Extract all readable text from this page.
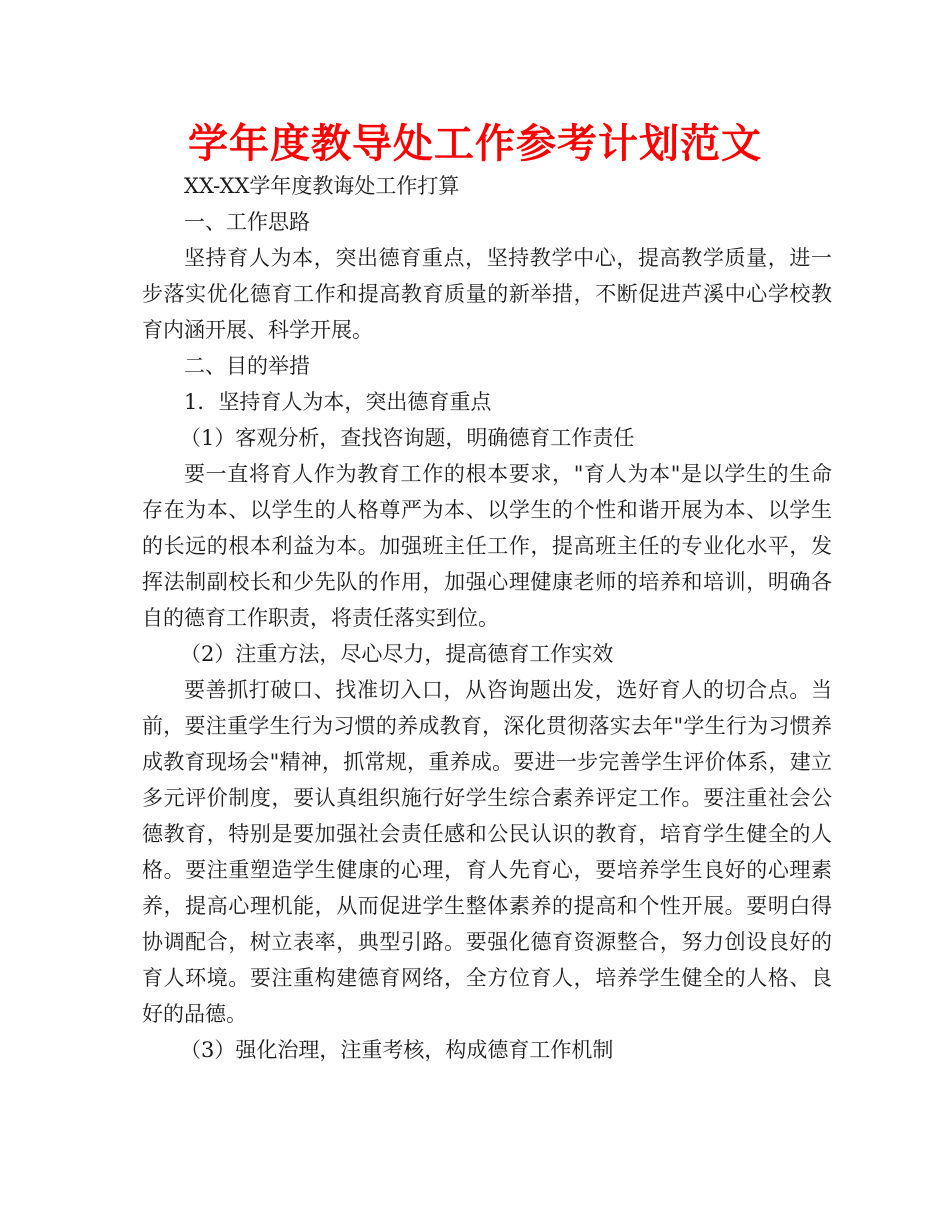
学年度教导处工作参考计划范文

XX-XX学年度教诲处工作打算

一、工作思路

坚持育人为本，突出德育重点，坚持教学中心，提高教学质量，进一步落实优化德育工作和提高教育质量的新举措，不断促进芦溪中心学校教育内涵开展、科学开展。

二、目的举措

1．坚持育人为本，突出德育重点

（1）客观分析，查找咨询题，明确德育工作责任

要一直将育人作为教育工作的根本要求，"育人为本"是以学生的生命存在为本、以学生的人格尊严为本、以学生的个性和谐开展为本、以学生的长远的根本利益为本。加强班主任工作，提高班主任的专业化水平，发挥法制副校长和少先队的作用，加强心理健康老师的培养和培训，明确各自的德育工作职责，将责任落实到位。

（2）注重方法，尽心尽力，提高德育工作实效

要善抓打破口、找准切入口，从咨询题出发，选好育人的切合点。当前，要注重学生行为习惯的养成教育，深化贯彻落实去年"学生行为习惯养成教育现场会"精神，抓常规，重养成。要进一步完善学生评价体系，建立多元评价制度，要认真组织施行好学生综合素养评定工作。要注重社会公德教育，特别是要加强社会责任感和公民认识的教育，培育学生健全的人格。要注重塑造学生健康的心理，育人先育心，要培养学生良好的心理素养，提高心理机能，从而促进学生整体素养的提高和个性开展。要明白得协调配合，树立表率，典型引路。要强化德育资源整合，努力创设良好的育人环境。要注重构建德育网络，全方位育人，培养学生健全的人格、良好的品德。

（3）强化治理，注重考核，构成德育工作机制
